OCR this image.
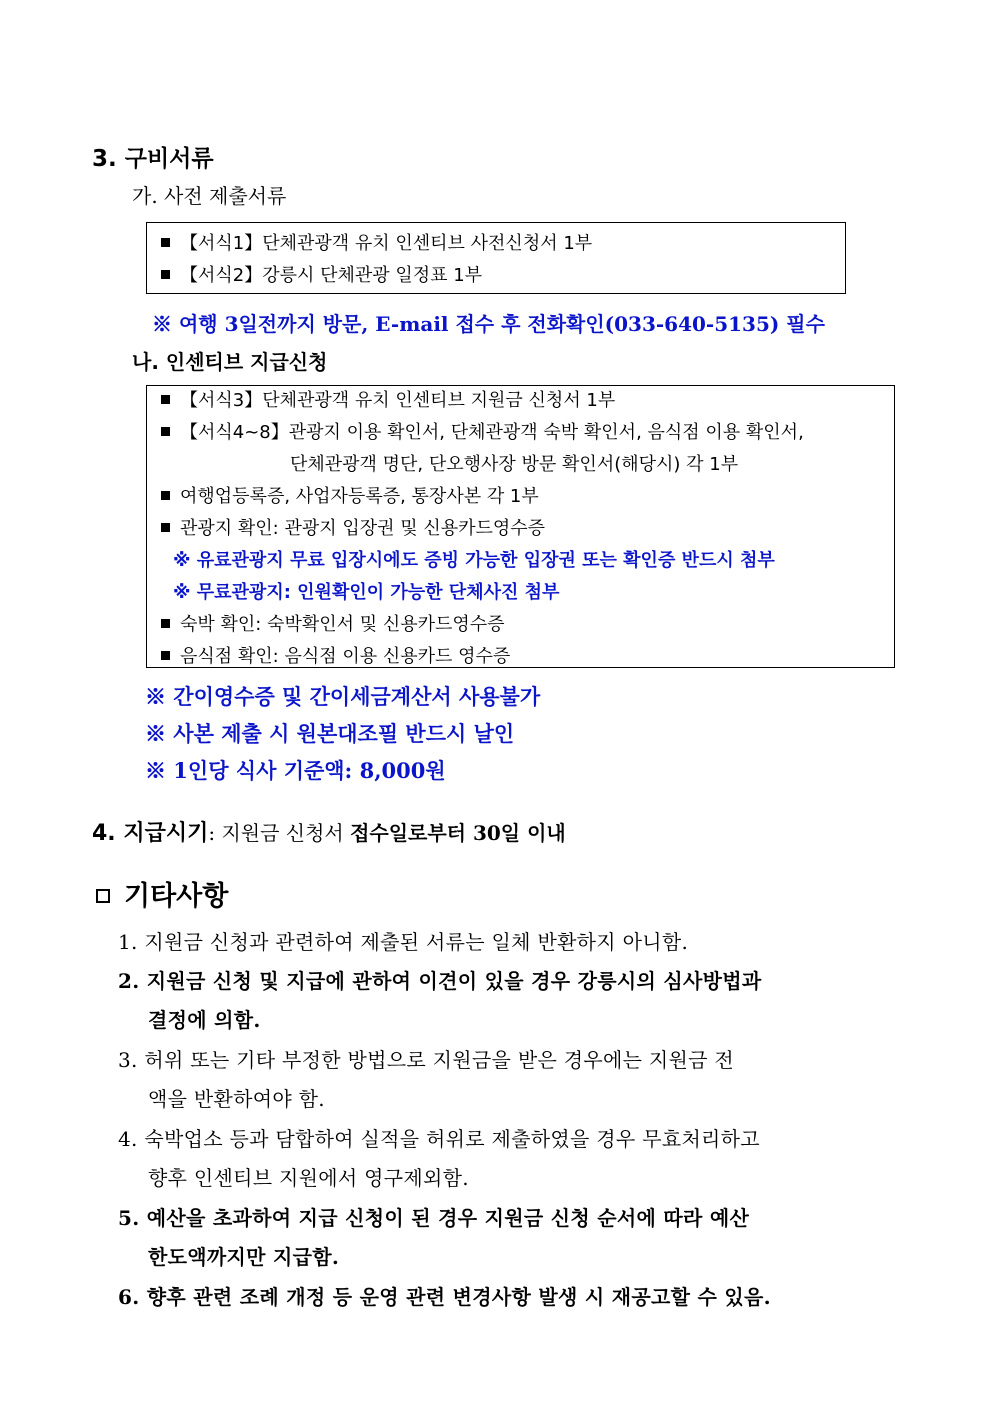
3. 구비서류
가. 사전 제출서류
【서식1】단체관광객 유치 인센티브 사전신청서 1부
【서식2】강릉시 단체관광 일정표 1부
※ 여행 3일전까지 방문, E-mail 접수 후 전화확인(033-640-5135) 필수
나. 인센티브 지급신청
【서식3】단체관광객 유치 인센티브 지원금 신청서 1부
【서식4~8】관광지 이용 확인서, 단체관광객 숙박 확인서, 음식점 이용 확인서,
단체관광객 명단, 단오행사장 방문 확인서(해당시) 각 1부
여행업등록증, 사업자등록증, 통장사본 각 1부
관광지 확인: 관광지 입장권 및 신용카드영수증
※ 유료관광지 무료 입장시에도 증빙 가능한 입장권 또는 확인증 반드시 첨부
※ 무료관광지: 인원확인이 가능한 단체사진 첨부
숙박 확인: 숙박확인서 및 신용카드영수증
음식점 확인: 음식점 이용 신용카드 영수증
※ 간이영수증 및 간이세금계산서 사용불가
※ 사본 제출 시 원본대조필 반드시 날인
※ 1인당 식사 기준액: 8,000원
4. 지급시기: 지원금 신청서 접수일로부터 30일 이내
기타사항
1. 지원금 신청과 관련하여 제출된 서류는 일체 반환하지 아니함.
2. 지원금 신청 및 지급에 관하여 이견이 있을 경우 강릉시의 심사방법과
결정에 의함.
3. 허위 또는 기타 부정한 방법으로 지원금을 받은 경우에는 지원금 전
액을 반환하여야 함.
4. 숙박업소 등과 담합하여 실적을 허위로 제출하였을 경우 무효처리하고
향후 인센티브 지원에서 영구제외함.
5. 예산을 초과하여 지급 신청이 된 경우 지원금 신청 순서에 따라 예산
한도액까지만 지급함.
6. 향후 관련 조례 개정 등 운영 관련 변경사항 발생 시 재공고할 수 있음.
